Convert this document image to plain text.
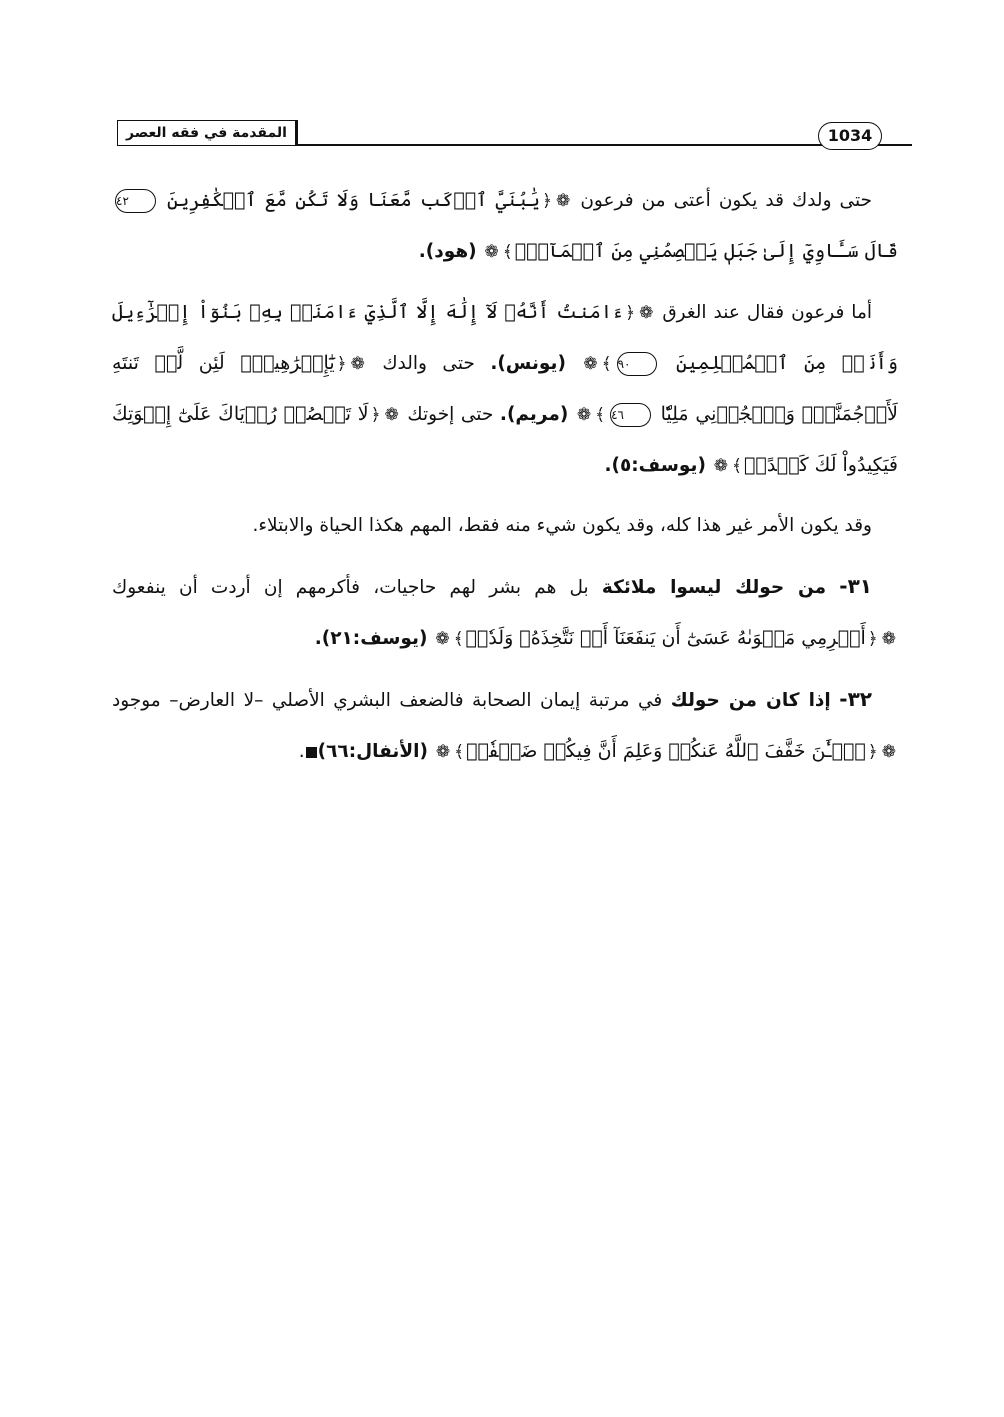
المقدمة في فقه العصر	1034

حتى ولدك قد يكون أعتى من فرعون ❁﴿يَٰبُنَيَّ ٱرۡكَب مَّعَنَا وَلَا تَكُن مَّعَ ٱلۡكَٰفِرِينَ ٤٢ قَالَ سَـَٔاوِيٓ إِلَىٰ جَبَلٖ يَعۡصِمُنِي مِنَ ٱلۡمَآءِۚ﴾❁ (هود).

أما فرعون فقال عند الغرق ❁﴿ءَامَنتُ أَنَّهُۥ لَآ إِلَٰهَ إِلَّا ٱلَّذِيٓ ءَامَنَتۡ بِهِۦ بَنُوٓاْ إِسۡرَٰٓءِيلَ وَأَنَا۠ مِنَ ٱلۡمُسۡلِمِينَ ٩٠﴾❁ (يونس). حتى والدك ❁﴿يَٰٓإِبۡرَٰهِيمُۖ لَئِن لَّمۡ تَنتَهِ لَأَرۡجُمَنَّكَۖ وَٱهۡجُرۡنِي مَلِيّٗا ٤٦﴾❁ (مريم). حتى إخوتك ❁﴿لَا تَقۡصُصۡ رُءۡيَاكَ عَلَىٰٓ إِخۡوَتِكَ فَيَكِيدُواْ لَكَ كَيۡدًاۖ﴾❁ (يوسف:٥).

وقد يكون الأمر غير هذا كله، وقد يكون شيء منه فقط، المهم هكذا الحياة والابتلاء.

٣١- من حولك ليسوا ملائكة بل هم بشر لهم حاجيات، فأكرمهم إن أردت أن ينفعوك ❁﴿أَكۡرِمِي مَثۡوَىٰهُ عَسَىٰٓ أَن يَنفَعَنَآ أَوۡ نَتَّخِذَهُۥ وَلَدٗاۚ﴾❁ (يوسف:٢١).

٣٢- إذا كان من حولك في مرتبة إيمان الصحابة فالضعف البشري الأصلي –لا العارض– موجود ❁﴿ٱلۡـَٰٔنَ خَفَّفَ ٱللَّهُ عَنكُمۡ وَعَلِمَ أَنَّ فِيكُمۡ ضَعۡفٗاۚ﴾❁ (الأنفال:٦٦).
